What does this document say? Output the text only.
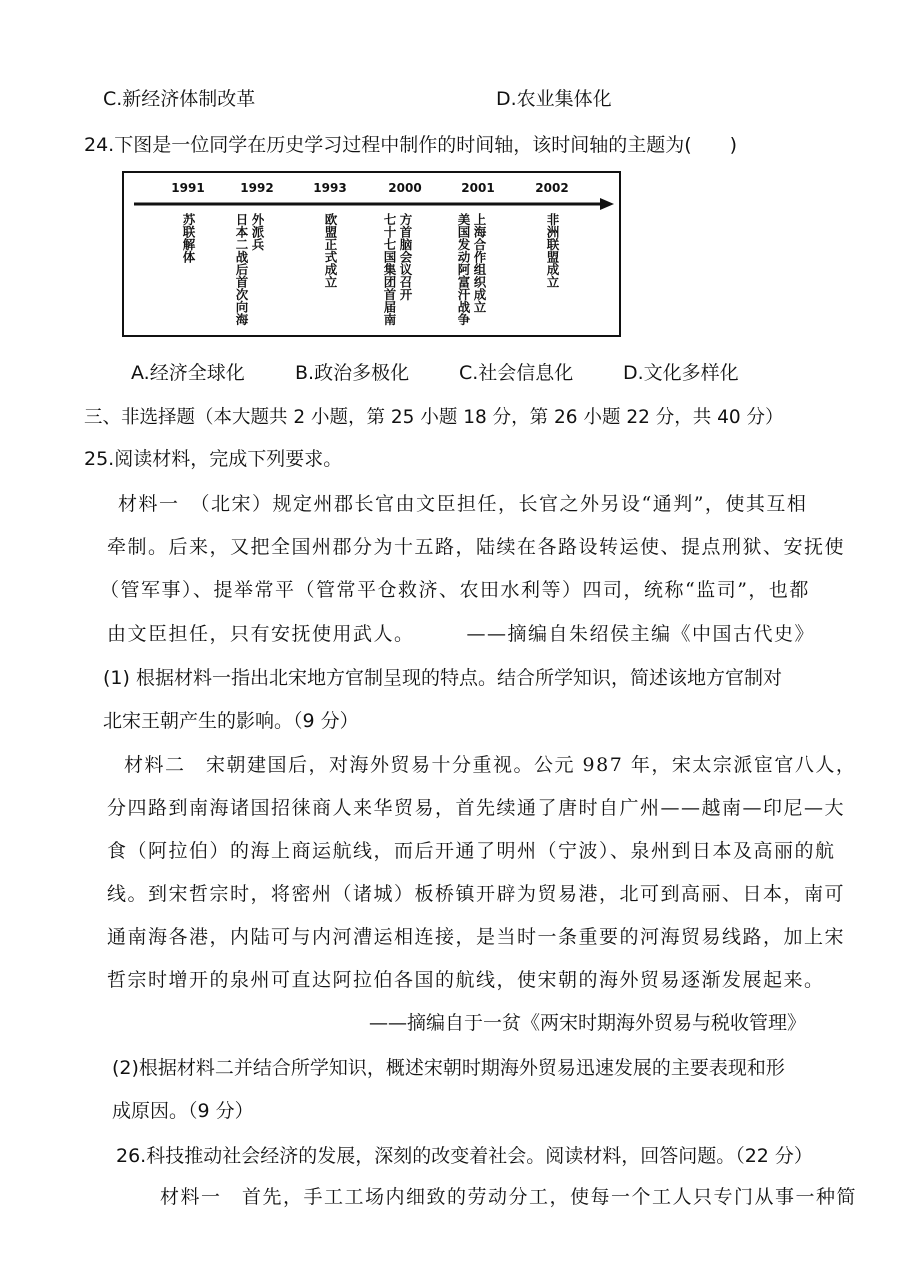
C.新经济体制改革	D.农业集体化
24.下图是一位同学在历史学习过程中制作的时间轴，该时间轴的主题为(　　)
1991	1992	1993	2000	2001	2002
苏联解体	日本二战后首次向海 外派兵	欧盟正式成立	七十七国集团首届南 方首脑会议召开	美国发动阿富汗战争 上海合作组织成立	非洲联盟成立
A.经济全球化	B.政治多极化	C.社会信息化	D.文化多样化
三、非选择题（本大题共 2 小题，第 25 小题 18 分，第 26 小题 22 分，共 40 分）
25.阅读材料，完成下列要求。
材料一　（北宋）规定州郡长官由文臣担任，长官之外另设“通判”，使其互相
牵制。后来，又把全国州郡分为十五路，陆续在各路设转运使、提点刑狱、安抚使
（管军事）、提举常平（管常平仓救济、农田水利等）四司，统称“监司”，也都
由文臣担任，只有安抚使用武人。　　　——摘编自朱绍侯主编《中国古代史》
(1) 根据材料一指出北宋地方官制呈现的特点。结合所学知识，简述该地方官制对
北宋王朝产生的影响。（9 分）
材料二　宋朝建国后，对海外贸易十分重视。公元 987 年，宋太宗派宦官八人，
分四路到南海诸国招徕商人来华贸易，首先续通了唐时自广州——越南—印尼—大
食（阿拉伯）的海上商运航线，而后开通了明州（宁波）、泉州到日本及高丽的航
线。到宋哲宗时，将密州（诸城）板桥镇开辟为贸易港，北可到高丽、日本，南可
通南海各港，内陆可与内河漕运相连接，是当时一条重要的河海贸易线路，加上宋
哲宗时增开的泉州可直达阿拉伯各国的航线，使宋朝的海外贸易逐渐发展起来。
——摘编自于一贫《两宋时期海外贸易与税收管理》
(2)根据材料二并结合所学知识，概述宋朝时期海外贸易迅速发展的主要表现和形
成原因。（9 分）
26.科技推动社会经济的发展，深刻的改变着社会。阅读材料，回答问题。（22 分）
材料一　首先，手工工场内细致的劳动分工，使每一个工人只专门从事一种简
